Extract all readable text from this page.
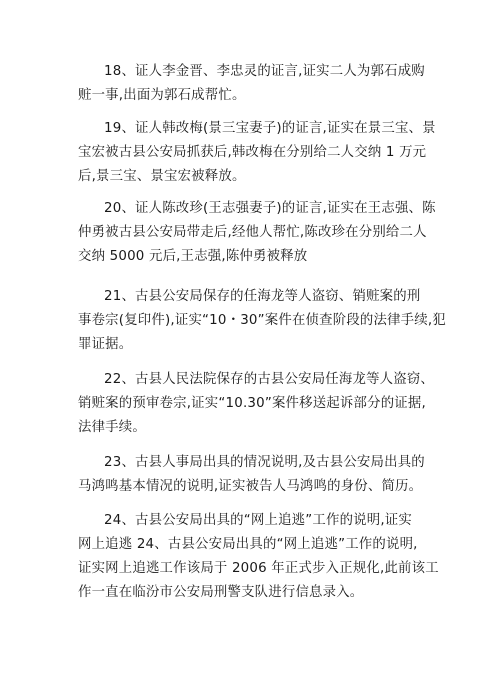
18、证人李金晋、李忠灵的证言,证实二人为郭石成购
赃一事,出面为郭石成帮忙。
19、证人韩改梅(景三宝妻子)的证言,证实在景三宝、景
宝宏被古县公安局抓获后,韩改梅在分别给二人交纳 1 万元
后,景三宝、景宝宏被释放。
20、证人陈改珍(王志强妻子)的证言,证实在王志强、陈
仲勇被古县公安局带走后,经他人帮忙,陈改珍在分别给二人
交纳 5000 元后,王志强,陈仲勇被释放
21、古县公安局保存的任海龙等人盗窃、销赃案的刑
事卷宗(复印件),证实“10・30”案件在侦查阶段的法律手续,犯
罪证据。
22、古县人民法院保存的古县公安局任海龙等人盗窃、
销赃案的预审卷宗,证实“10.30”案件移送起诉部分的证据,
法律手续。
23、古县人事局出具的情况说明,及古县公安局出具的
马鸿鸣基本情况的说明,证实被告人马鸿鸣的身份、简历。
24、古县公安局出具的“网上追逃”工作的说明,证实
网上追逃 24、古县公安局出具的“网上追逃”工作的说明,
证实网上追逃工作该局于 2006 年正式步入正规化,此前该工
作一直在临汾市公安局刑警支队进行信息录入。
